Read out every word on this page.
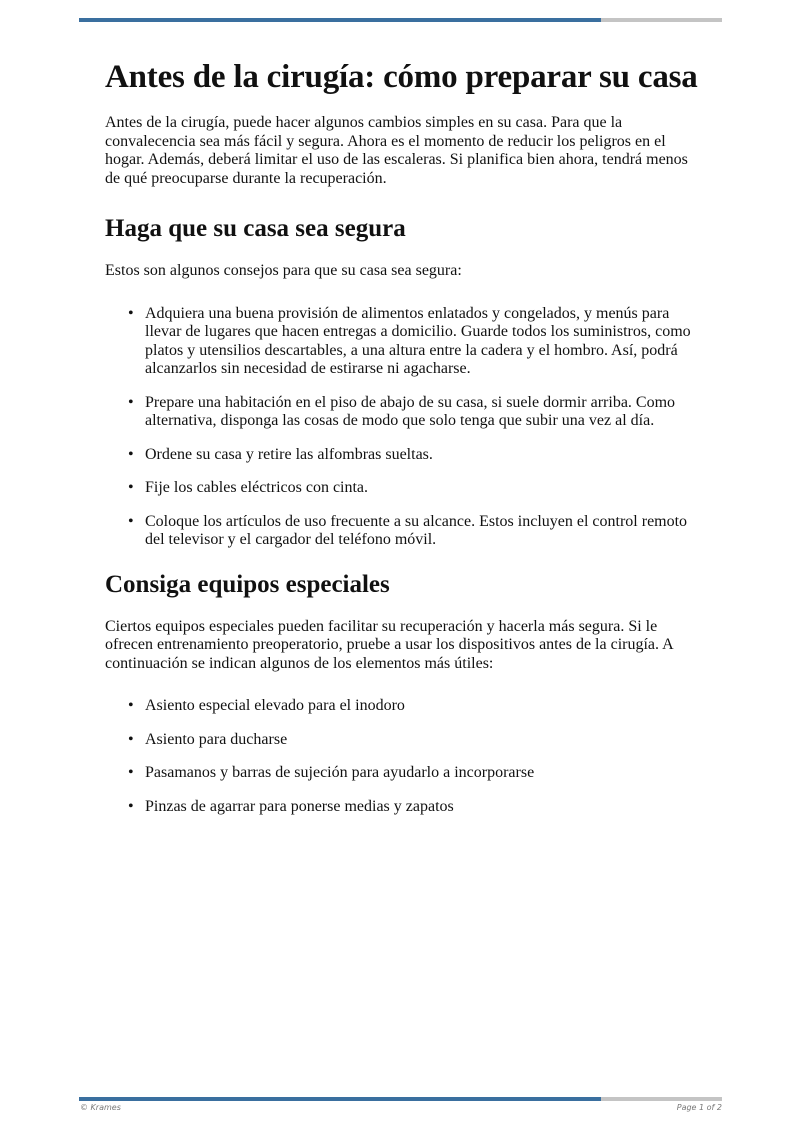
Antes de la cirugía: cómo preparar su casa

Antes de la cirugía, puede hacer algunos cambios simples en su casa. Para que la convalecencia sea más fácil y segura. Ahora es el momento de reducir los peligros en el hogar. Además, deberá limitar el uso de las escaleras. Si planifica bien ahora, tendrá menos de qué preocuparse durante la recuperación.

Haga que su casa sea segura

Estos son algunos consejos para que su casa sea segura:

• Adquiera una buena provisión de alimentos enlatados y congelados, y menús para llevar de lugares que hacen entregas a domicilio. Guarde todos los suministros, como platos y utensilios descartables, a una altura entre la cadera y el hombro. Así, podrá alcanzarlos sin necesidad de estirarse ni agacharse.
• Prepare una habitación en el piso de abajo de su casa, si suele dormir arriba. Como alternativa, disponga las cosas de modo que solo tenga que subir una vez al día.
• Ordene su casa y retire las alfombras sueltas.
• Fije los cables eléctricos con cinta.
• Coloque los artículos de uso frecuente a su alcance. Estos incluyen el control remoto del televisor y el cargador del teléfono móvil.
Consiga equipos especiales

Ciertos equipos especiales pueden facilitar su recuperación y hacerla más segura. Si le ofrecen entrenamiento preoperatorio, pruebe a usar los dispositivos antes de la cirugía. A continuación se indican algunos de los elementos más útiles:

• Asiento especial elevado para el inodoro
• Asiento para ducharse
• Pasamanos y barras de sujeción para ayudarlo a incorporarse
• Pinzas de agarrar para ponerse medias y zapatos
© Krames	Page 1 of 2
